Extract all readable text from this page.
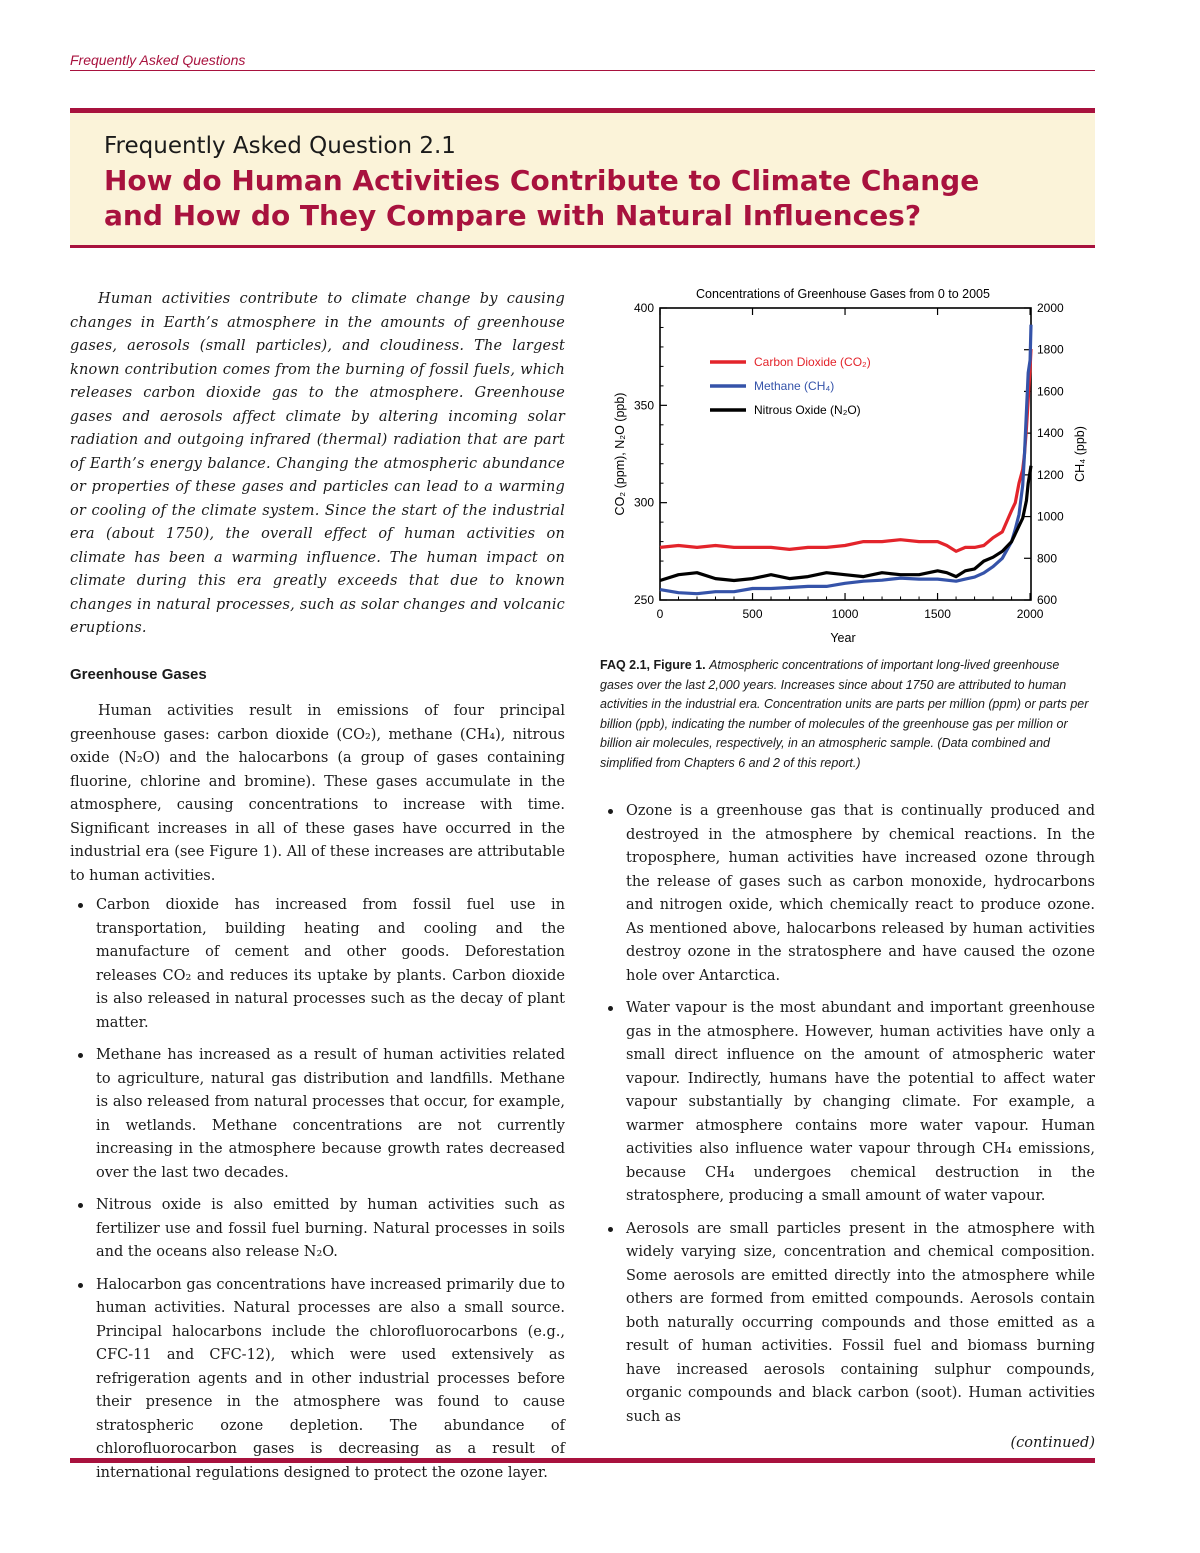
Frequently Asked Questions

Frequently Asked Question 2.1

How do Human Activities Contribute to Climate Change

and How do They Compare with Natural Influences?

Human activities contribute to climate change by causing changes in Earth’s atmosphere in the amounts of greenhouse gases, aerosols (small particles), and cloudiness. The largest known contribution comes from the burning of fossil fuels, which releases carbon dioxide gas to the atmosphere. Greenhouse gases and aerosols affect climate by altering incoming solar radiation and outgoing infrared (thermal) radiation that are part of Earth’s energy balance. Changing the atmospheric abundance or properties of these gases and particles can lead to a warming or cooling of the climate system. Since the start of the industrial era (about 1750), the overall effect of human activities on climate has been a warming influence. The human impact on climate during this era greatly exceeds that due to known changes in natural processes, such as solar changes and volcanic eruptions.

Greenhouse Gases

Human activities result in emissions of four principal greenhouse gases: carbon dioxide (CO₂), methane (CH₄), nitrous oxide (N₂O) and the halocarbons (a group of gases containing fluorine, chlorine and bromine). These gases accumulate in the atmosphere, causing concentrations to increase with time. Significant increases in all of these gases have occurred in the industrial era (see Figure 1). All of these increases are attributable to human activities.

Carbon dioxide has increased from fossil fuel use in transportation, building heating and cooling and the manufacture of cement and other goods. Deforestation releases CO₂ and reduces its uptake by plants. Carbon dioxide is also released in natural processes such as the decay of plant matter.
Methane has increased as a result of human activities related to agriculture, natural gas distribution and landfills. Methane is also released from natural processes that occur, for example, in wetlands. Methane concentrations are not currently increasing in the atmosphere because growth rates decreased over the last two decades.
Nitrous oxide is also emitted by human activities such as fertilizer use and fossil fuel burning. Natural processes in soils and the oceans also release N₂O.
Halocarbon gas concentrations have increased primarily due to human activities. Natural processes are also a small source. Principal halocarbons include the chlorofluorocarbons (e.g., CFC-11 and CFC-12), which were used extensively as refrigeration agents and in other industrial processes before their presence in the atmosphere was found to cause stratospheric ozone depletion. The abundance of chlorofluorocarbon gases is decreasing as a result of international regulations designed to protect the ozone layer.
Concentrations of Greenhouse Gases from 0 to 2005
0	500	1000	1500	2000
250
300
350
400
600
800
1000
1200
1400
1600
1800
2000
Year
CO₂ (ppm), N₂O (ppb)	CH₄ (ppb)
Carbon Dioxide (CO₂)
Methane (CH₄)
Nitrous Oxide (N₂O)
FAQ 2.1, Figure 1. Atmospheric concentrations of important long-lived greenhouse gases over the last 2,000 years. Increases since about 1750 are attributed to human activities in the industrial era. Concentration units are parts per million (ppm) or parts per billion (ppb), indicating the number of molecules of the greenhouse gas per million or billion air molecules, respectively, in an atmospheric sample. (Data combined and simplified from Chapters 6 and 2 of this report.)
Ozone is a greenhouse gas that is continually produced and destroyed in the atmosphere by chemical reactions. In the troposphere, human activities have increased ozone through the release of gases such as carbon monoxide, hydrocarbons and nitrogen oxide, which chemically react to produce ozone. As mentioned above, halocarbons released by human activities destroy ozone in the stratosphere and have caused the ozone hole over Antarctica.
Water vapour is the most abundant and important greenhouse gas in the atmosphere. However, human activities have only a small direct influence on the amount of atmospheric water vapour. Indirectly, humans have the potential to affect water vapour substantially by changing climate. For example, a warmer atmosphere contains more water vapour. Human activities also influence water vapour through CH₄ emissions, because CH₄ undergoes chemical destruction in the stratosphere, producing a small amount of water vapour.
Aerosols are small particles present in the atmosphere with widely varying size, concentration and chemical composition. Some aerosols are emitted directly into the atmosphere while others are formed from emitted compounds. Aerosols contain both naturally occurring compounds and those emitted as a result of human activities. Fossil fuel and biomass burning have increased aerosols containing sulphur compounds, organic compounds and black carbon (soot). Human activities such as
(continued)
